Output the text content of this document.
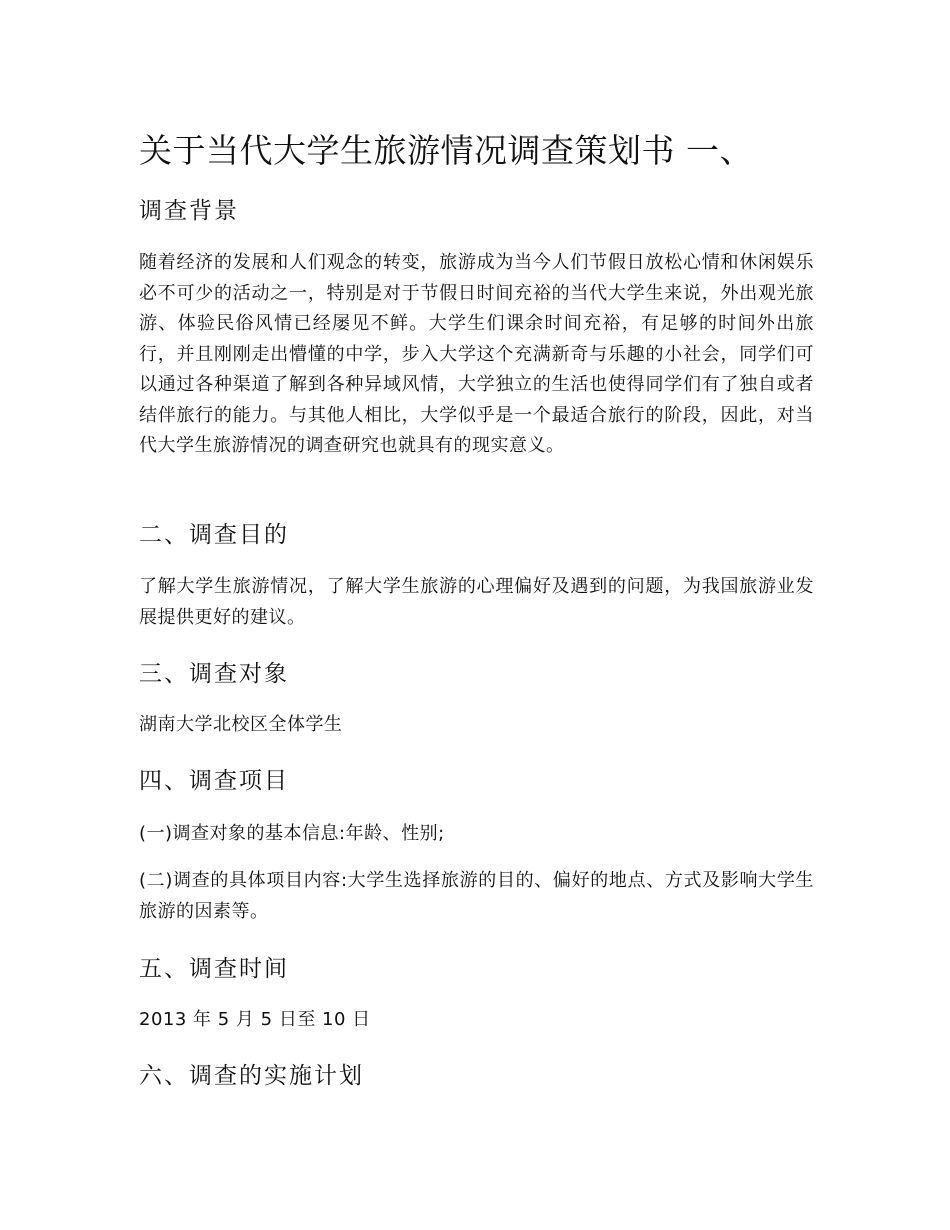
关于当代大学生旅游情况调查策划书 一、
调查背景

随着经济的发展和人们观念的转变，旅游成为当今人们节假日放松心情和休闲娱乐必不可少的活动之一，特别是对于节假日时间充裕的当代大学生来说，外出观光旅游、体验民俗风情已经屡见不鲜。大学生们课余时间充裕，有足够的时间外出旅行，并且刚刚走出懵懂的中学，步入大学这个充满新奇与乐趣的小社会，同学们可以通过各种渠道了解到各种异域风情，大学独立的生活也使得同学们有了独自或者结伴旅行的能力。与其他人相比，大学似乎是一个最适合旅行的阶段，因此，对当代大学生旅游情况的调查研究也就具有的现实意义。

二、调查目的

了解大学生旅游情况，了解大学生旅游的心理偏好及遇到的问题，为我国旅游业发展提供更好的建议。

三、调查对象

湖南大学北校区全体学生

四、调查项目

(一)调查对象的基本信息:年龄、性别;

(二)调查的具体项目内容:大学生选择旅游的目的、偏好的地点、方式及影响大学生旅游的因素等。

五、调查时间

2013 年 5 月 5 日至 10 日

六、调查的实施计划
